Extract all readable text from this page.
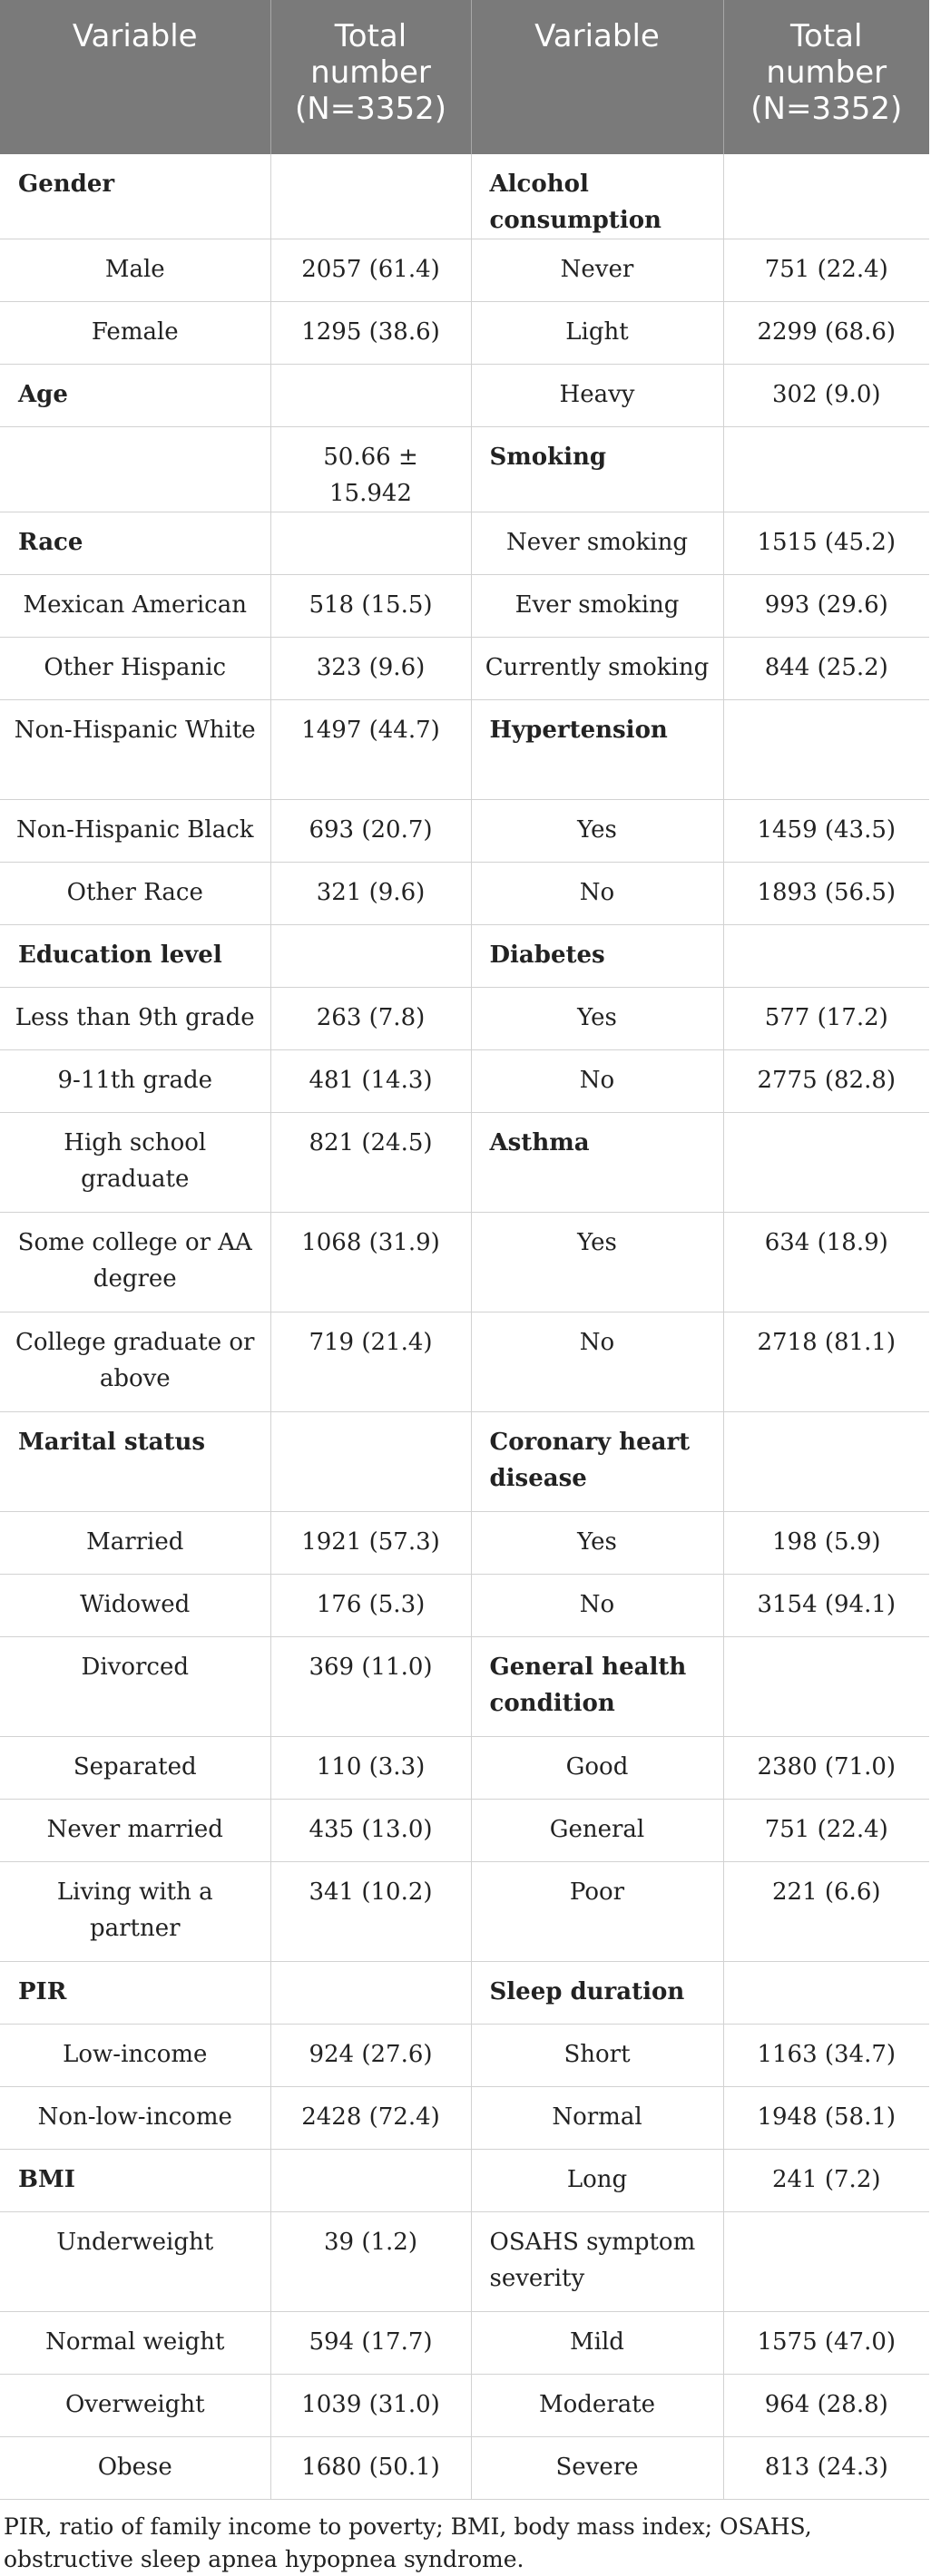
Variable	Total number (N=3352)	Variable	Total number (N=3352)
Gender		Alcohol consumption	
Male	2057 (61.4)	Never	751 (22.4)
Female	1295 (38.6)	Light	2299 (68.6)
Age		Heavy	302 (9.0)
	50.66 ± 15.942	Smoking	
Race		Never smoking	1515 (45.2)
Mexican American	518 (15.5)	Ever smoking	993 (29.6)
Other Hispanic	323 (9.6)	Currently smoking	844 (25.2)
Non-Hispanic White	1497 (44.7)	Hypertension	
Non-Hispanic Black	693 (20.7)	Yes	1459 (43.5)
Other Race	321 (9.6)	No	1893 (56.5)
Education level		Diabetes	
Less than 9th grade	263 (7.8)	Yes	577 (17.2)
9-11th grade	481 (14.3)	No	2775 (82.8)
High school graduate	821 (24.5)	Asthma	
Some college or AA degree	1068 (31.9)	Yes	634 (18.9)
College graduate or above	719 (21.4)	No	2718 (81.1)
Marital status		Coronary heart disease	
Married	1921 (57.3)	Yes	198 (5.9)
Widowed	176 (5.3)	No	3154 (94.1)
Divorced	369 (11.0)	General health condition	
Separated	110 (3.3)	Good	2380 (71.0)
Never married	435 (13.0)	General	751 (22.4)
Living with a partner	341 (10.2)	Poor	221 (6.6)
PIR		Sleep duration	
Low-income	924 (27.6)	Short	1163 (34.7)
Non-low-income	2428 (72.4)	Normal	1948 (58.1)
BMI		Long	241 (7.2)
Underweight	39 (1.2)	OSAHS symptom severity	
Normal weight	594 (17.7)	Mild	1575 (47.0)
Overweight	1039 (31.0)	Moderate	964 (28.8)
Obese	1680 (50.1)	Severe	813 (24.3)
PIR, ratio of family income to poverty; BMI, body mass index; OSAHS, obstructive sleep apnea hypopnea syndrome.
